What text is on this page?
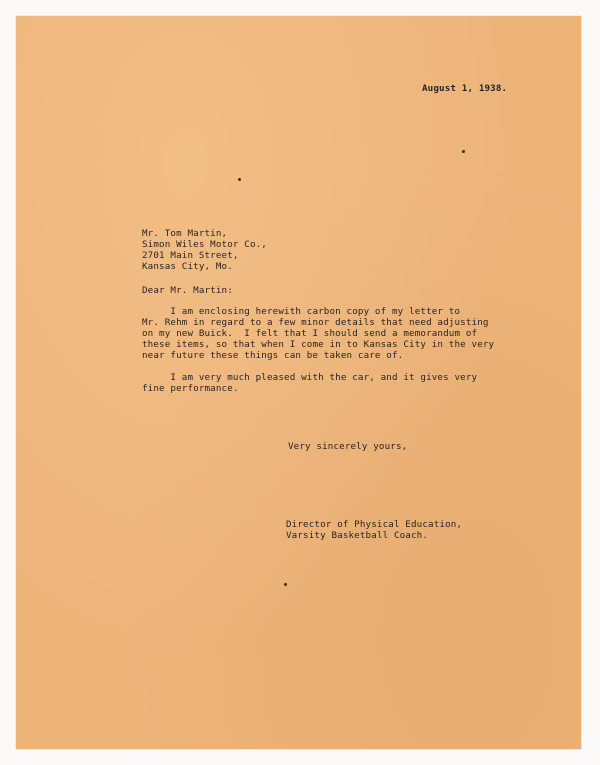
August 1, 1938.
Mr. Tom Martin,
Simon Wiles Motor Co.,
2701 Main Street,
Kansas City, Mo.
Dear Mr. Martin:
I am enclosing herewith carbon copy of my letter to
Mr. Rehm in regard to a few minor details that need adjusting
on my new Buick.  I felt that I should send a memorandum of
these items, so that when I come in to Kansas City in the very
near future these things can be taken care of.
I am very much pleased with the car, and it gives very
fine performance.
Very sincerely yours,
Director of Physical Education,
Varsity Basketball Coach.
